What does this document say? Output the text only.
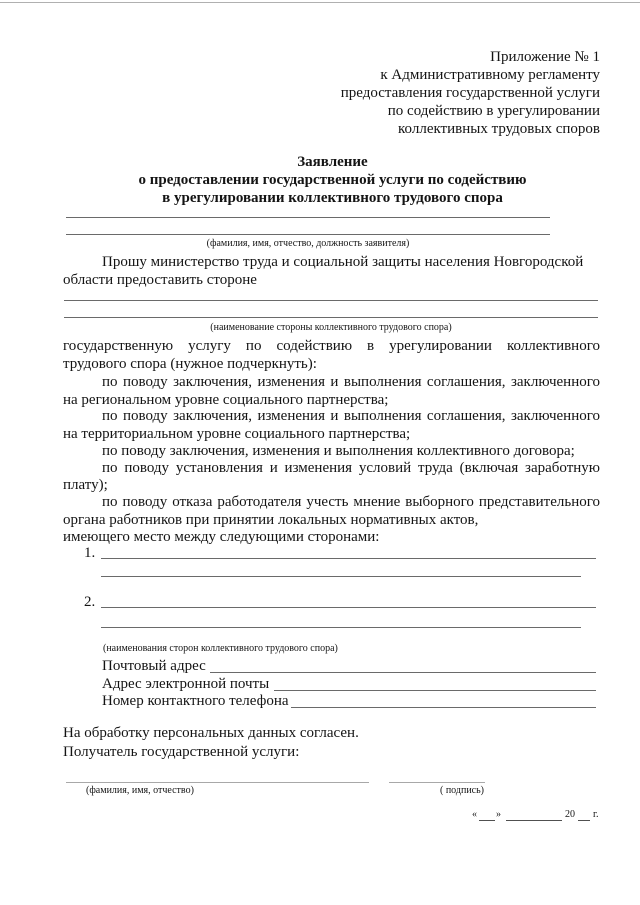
Приложение № 1
к Административному регламенту
предоставления государственной услуги
по содействию в урегулировании
коллективных трудовых споров
Заявление
о предоставлении государственной услуги по содействию
в урегулировании коллективного трудового спора
(фамилия, имя, отчество, должность заявителя)
Прошу министерство труда и социальной защиты населения Новгородской
области предоставить стороне
(наименование стороны коллективного трудового спора)
государственную услугу по содействию в урегулировании коллективного
трудового спора (нужное подчеркнуть):
по поводу заключения, изменения и выполнения соглашения, заключенного
на региональном уровне социального партнерства;
по поводу заключения, изменения и выполнения соглашения, заключенного
на территориальном уровне социального партнерства;
по поводу заключения, изменения и выполнения коллективного договора;
по поводу установления и изменения условий труда (включая заработную
плату);
по поводу отказа работодателя учесть мнение выборного представительного
органа работников при принятии локальных нормативных актов,
имеющего место между следующими сторонами:
1.
2.
(наименования сторон коллективного трудового спора)
Почтовый адрес
Адрес электронной почты
Номер контактного телефона
На обработку персональных данных согласен.
Получатель государственной услуги:
(фамилия, имя, отчество)	( подпись)
« »	20 г.
